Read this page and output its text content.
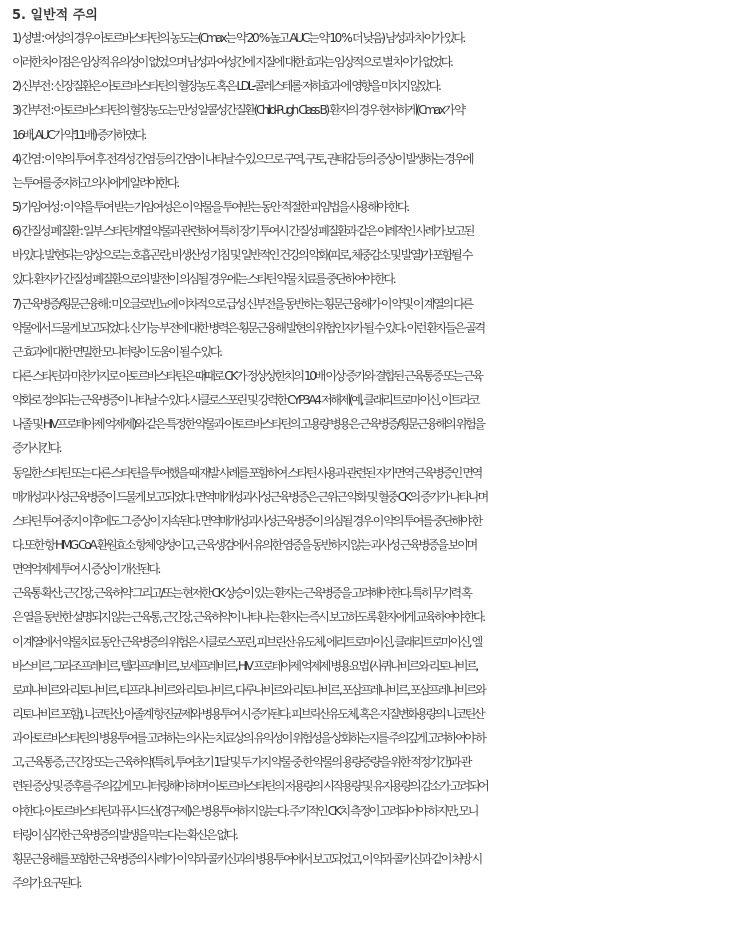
5. 일반적 주의
1) 성별 : 여성의 경우 아토르바스타틴의 농도는(Cmax는 약 20 % 높고 AUC는 약 10 % 더 낮음) 남성과 차이가 있다.
이러한 차이점은 임상적 유의성이 없었으며 남성과 여성간에 지질에 대한 효과는 임상적으로 별 차이가 없었다.
2) 신부전 : 신장질환은 아토르바스타틴의 혈장농도 혹은 LDL-콜레스테롤 저하효과 에 영향을 미치지 않았다.
3) 간부전 : 아토르바스타틴의 혈장농도는 만성 알콜성간질환(Child-Pugh Class B) 환자의 경우 현저하게(Cmax가 약
16배, AUC가 약11배) 증가하였다.
4) 간염 : 이 약의 투여 후 전격성 간염 등의 간염이 나타날 수 있으므로 구역, 구토, 권태감 등의 증상이 발생하는 경우에
는 투여를 중지하고 의사에게 알려야한다.
5) 가임여성 : 이 약을 투여 받는 가임여성은 이 약물을 투여받는 동안 적절한 피임법을 사용해야 한다.
6) 간질성 폐질환 : 일부 스타틴계열 약물과 관련하여 특히 장기 투여시 간질성 폐질환과 같은 이례적인 사례가 보고된
바 있다. 발현되는 양상으로는 호흡곤란, 비생산성 기침 및 일반적인 건강의 악화(피로, 체중감소 및 발열)가 포함될 수
있다. 환자가 간질성 폐질환으로의 발전이 의심될 경우에는 스타틴 약물 치료를 중단하여야 한다.
7) 근육병증/횡문근융해 : 미오글로빈뇨에 이차적으로 급성 신부전을 동반하는 횡문근융해가 이 약 및 이 계열의 다른
약물에서 드물게 보고되었다. 신기능 부전에 대한 병력은 횡문근융해 발현의 위험인자가 될 수 있다. 이런 환자들은 골격
근 효과에 대한 면밀한 모니터링이 도움이 될 수 있다.
다른 스타틴과 마찬가지로 아토르바스타틴은 때때로 CK가 정상상한치의 10배 이상 증가와 결합된 근육통증 또는 근육
약화로 정의되는 근육병증이 나타날 수 있다. 시클로스포린 및 강력한 CYP3A4 저해제(예, 클래리트로마이신, 이트라코
나졸 및 HIV프로테아제 억제제)와 같은 특정한 약물과 아토르바스타틴의 고용량 병용은 근육병증/횡문근융해의 위험을
증가시킨다.
동일한 스타틴 또는 다른 스타틴을 투여했을 때 재발 사례를 포함하여 스타틴 사용과 관련된 자가면역 근육병증인 면역
매개성괴사성근육병증이 드물게 보고되었다. 면역매개성괴사성근육병증은 근위근 약화 및 혈중 CK의 증가가 나타나며
스타틴 투여 중지 이후에도 그 증상이 지속된다. 면역매개성괴사성근육병증이 의심될 경우 이 약의 투여를 중단해야 한
다. 또한 항 HMG CoA 환원효소 항체 양성이고, 근육생검에서 유의한 염증을 동반하지 않는 괴사성 근육병증을 보이며
면역억제제 투여 시 증상이 개선된다.
근육통 확산, 근긴장, 근육허약 그리고/또는 현저한 CK 상승이 있는 환자는 근육병증을 고려해야 한다. 특히 무기력 혹
은 열을 동반한 설명되지 않는 근육통, 근긴장, 근육허약이 나타나는 환자는 즉시 보고하도록 환자에게 교육하여야 한다.
이 계열에서 약물치료 동안 근육병증의 위험은 시클로스포린, 피브린산 유도체, 에리트로마이신, 클래리트로마이신, 엘
바스비르, 그라조프레비르, 텔라프레비르, 보세프레비르, HIV 프로테아제 억제제 병용요법 (사퀴나비르와 리토나비르,
로피나비르와 리토나비르, 티프라나비르와 리토나비르, 다루나비르와 리토나비르, 포삼프레나비르, 포삼프레나비르와
리토나비르 포함), 니코틴산, 아졸계 항진균제와 병용투여 시 증가된다. 피브릭산유도체, 혹은 지질변화용량의 니코틴산
과 아토르바스타틴의 병용투여를 고려하는 의사는 치료상의 유익성이 위험성을 상회하는지를 주의깊게 고려하여야 하
고, 근육통증, 근긴장 또는 근육허약(특히, 투여초기 1달 및 두 가지 약물 중 한 약물의 용량증량을 위한 적정기간)과 관
련된 증상 및 증후를 주의깊게 모니터링해야 하며 아토르바스타틴의 저용량의 시작용량 및 유지용량의 감소가 고려되어
야 한다. 아토르바스타틴과 퓨시드산(경구제)은 병용투여하지 않는다. 주기적인 CK치 측정이 고려되어야 하지만, 모니
터링이 심각한 근육병증의 발생을 막는다는 확신은 없다.
횡문근융해를 포함한 근육병증의 사례가 이 약과 콜키신과의 병용투여에서 보고되었고, 이 약과 콜키신과 같이 처방 시
주의가 요구된다.
